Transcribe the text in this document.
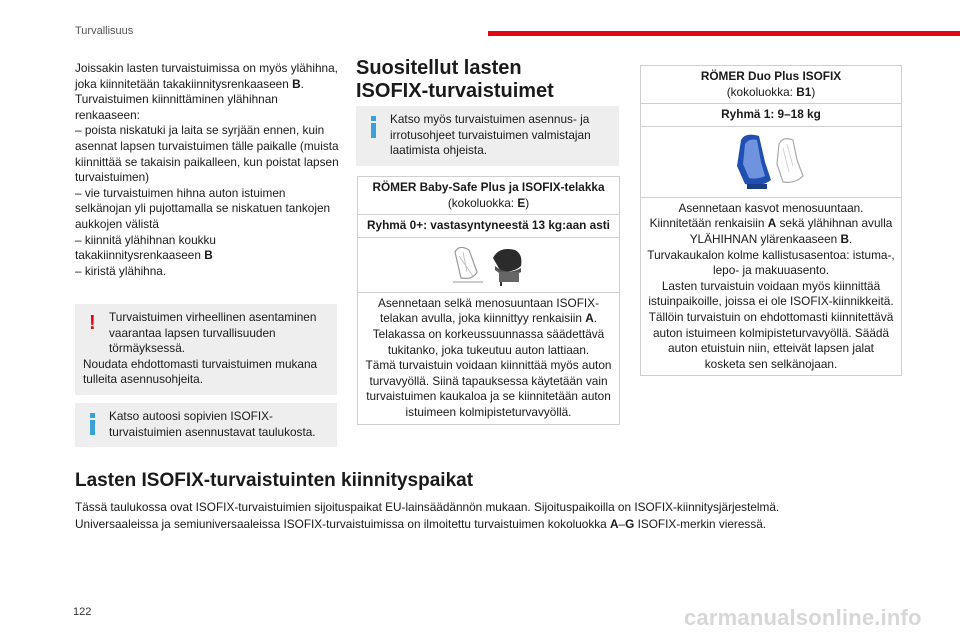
Turvallisuus

Joissakin lasten turvaistuimissa on myös ylähihna, joka kiinnitetään takakiinnitysrenkaaseen B.

Turvaistuimen kiinnittäminen ylähihnan renkaaseen:

– poista niskatuki ja laita se syrjään ennen, kuin asennat lapsen turvaistuimen tälle paikalle (muista kiinnittää se takaisin paikalleen, kun poistat lapsen turvaistuimen)

– vie turvaistuimen hihna auton istuimen selkänojan yli pujottamalla se niskatuen tankojen aukkojen välistä

– kiinnitä ylähihnan koukku takakiinnitysrenkaaseen B

– kiristä ylähihna.

!	Turvaistuimen virheellinen asentaminen vaarantaa lapsen turvallisuuden törmäyksessä.
Noudata ehdottomasti turvaistuimen mukana tulleita asennusohjeita.
Katso autoosi sopivien ISOFIX-turvaistuimien asennustavat taulukosta.
Suositellut lasten ISOFIX-turvaistuimet
Katso myös turvaistuimen asennus- ja irrotusohjeet turvaistuimen valmistajan laatimista ohjeista.
RÖMER Baby-Safe Plus ja ISOFIX-telakka
(kokoluokka: E)
Ryhmä 0+: vastasyntyneestä 13 kg:aan asti
Asennetaan selkä menosuuntaan ISOFIX-telakan avulla, joka kiinnittyy renkaisiin A.
Telakassa on korkeussuunnassa säädettävä tukitanko, joka tukeutuu auton lattiaan.
Tämä turvaistuin voidaan kiinnittää myös auton turvavyöllä. Siinä tapauksessa käytetään vain turvaistuimen kaukaloa ja se kiinnitetään auton istuimeen kolmipisteturvavyöllä.
RÖMER Duo Plus ISOFIX
(kokoluokka: B1)
Ryhmä 1: 9–18 kg
Asennetaan kasvot menosuuntaan.
Kiinnitetään renkaisiin A sekä ylähihnan avulla YLÄHIHNAN ylärenkaaseen B.
Turvakaukalon kolme kallistusasentoa: istuma-, lepo- ja makuuasento.
Lasten turvaistuin voidaan myös kiinnittää istuinpaikoille, joissa ei ole ISOFIX-kiinnikkeitä. Tällöin turvaistuin on ehdottomasti kiinnitettävä auton istuimeen kolmipisteturvavyöllä. Säädä auton etuistuin niin, etteivät lapsen jalat kosketa sen selkänojaan.
Lasten ISOFIX-turvaistuinten kiinnityspaikat
Tässä taulukossa ovat ISOFIX-turvaistuimien sijoituspaikat EU-lainsäädännön mukaan. Sijoituspaikoilla on ISOFIX-kiinnitysjärjestelmä.
Universaaleissa ja semiuniversaaleissa ISOFIX-turvaistuimissa on ilmoitettu turvaistuimen kokoluokka A–G ISOFIX-merkin vieressä.
122	carmanualsonline.info
